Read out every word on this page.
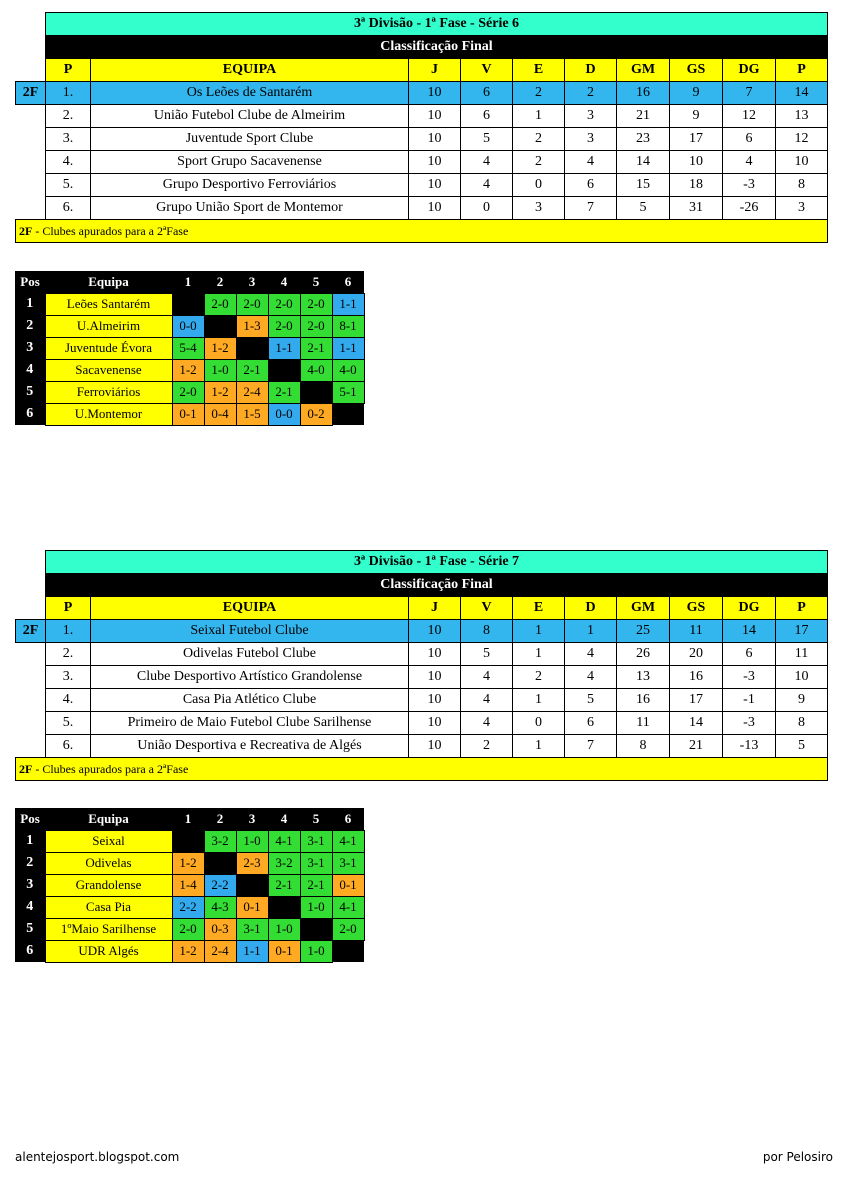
	3ª Divisão - 1ª Fase - Série 6									
	Classificação Final									
	P	EQUIPA	J	V	E	D	GM	GS	DG	P
2F	1.	Os Leões de Santarém	10	6	2	2	16	9	7	14
	2.	União Futebol Clube de Almeirim	10	6	1	3	21	9	12	13
	3.	Juventude Sport Clube	10	5	2	3	23	17	6	12
	4.	Sport Grupo Sacavenense	10	4	2	4	14	10	4	10
	5.	Grupo Desportivo Ferroviários	10	4	0	6	15	18	-3	8
	6.	Grupo União Sport de Montemor	10	0	3	7	5	31	-26	3
2F - Clubes apurados para a 2ªFase										
Pos	Equipa	1	2	3	4	5	6
1	Leões Santarém		2-0	2-0	2-0	2-0	1-1
2	U.Almeirim	0-0		1-3	2-0	2-0	8-1
3	Juventude Évora	5-4	1-2		1-1	2-1	1-1
4	Sacavenense	1-2	1-0	2-1		4-0	4-0
5	Ferroviários	2-0	1-2	2-4	2-1		5-1
6	U.Montemor	0-1	0-4	1-5	0-0	0-2	
	3ª Divisão - 1ª Fase - Série 7									
	Classificação Final									
	P	EQUIPA	J	V	E	D	GM	GS	DG	P
2F	1.	Seixal Futebol Clube	10	8	1	1	25	11	14	17
	2.	Odivelas Futebol Clube	10	5	1	4	26	20	6	11
	3.	Clube Desportivo Artístico Grandolense	10	4	2	4	13	16	-3	10
	4.	Casa Pia Atlético Clube	10	4	1	5	16	17	-1	9
	5.	Primeiro de Maio Futebol Clube Sarilhense	10	4	0	6	11	14	-3	8
	6.	União Desportiva e Recreativa de Algés	10	2	1	7	8	21	-13	5
2F - Clubes apurados para a 2ªFase										
Pos	Equipa	1	2	3	4	5	6
1	Seixal		3-2	1-0	4-1	3-1	4-1
2	Odivelas	1-2		2-3	3-2	3-1	3-1
3	Grandolense	1-4	2-2		2-1	2-1	0-1
4	Casa Pia	2-2	4-3	0-1		1-0	4-1
5	1ºMaio Sarilhense	2-0	0-3	3-1	1-0		2-0
6	UDR Algés	1-2	2-4	1-1	0-1	1-0	
alentejosport.blogspot.com	por Pelosiro
